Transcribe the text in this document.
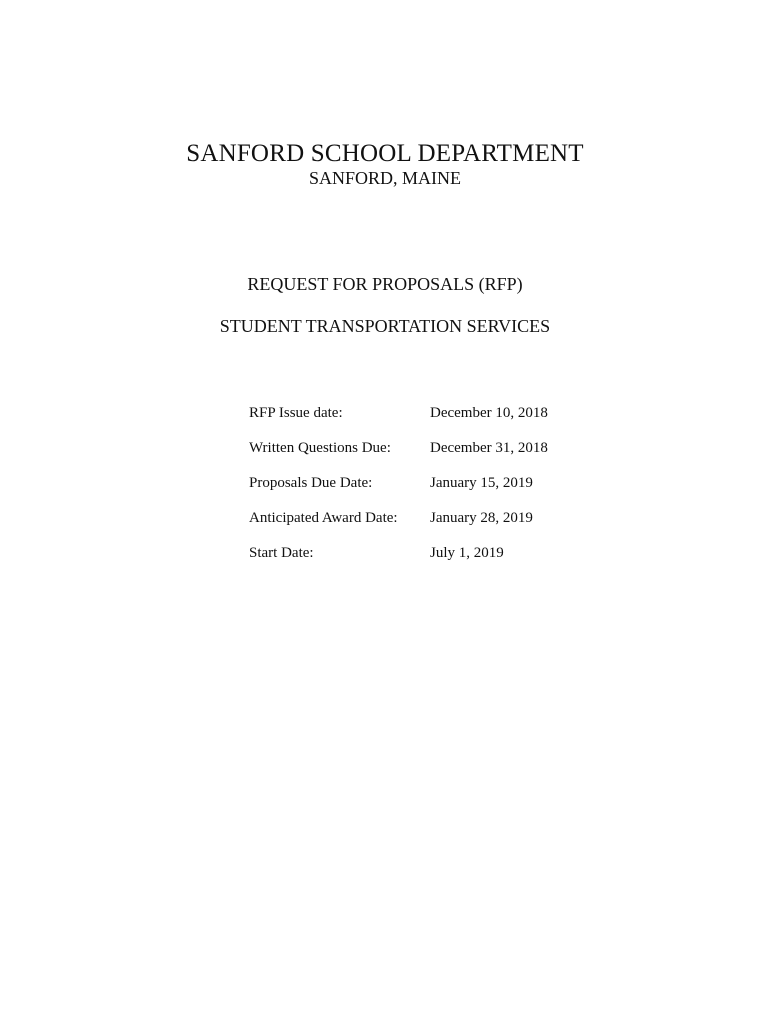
SANFORD SCHOOL DEPARTMENT
SANFORD, MAINE
REQUEST FOR PROPOSALS (RFP)
STUDENT TRANSPORTATION SERVICES
RFP Issue date:	December 10, 2018
Written Questions Due:	December 31, 2018
Proposals Due Date:	January 15, 2019
Anticipated Award Date:	January 28, 2019
Start Date:	July 1, 2019
